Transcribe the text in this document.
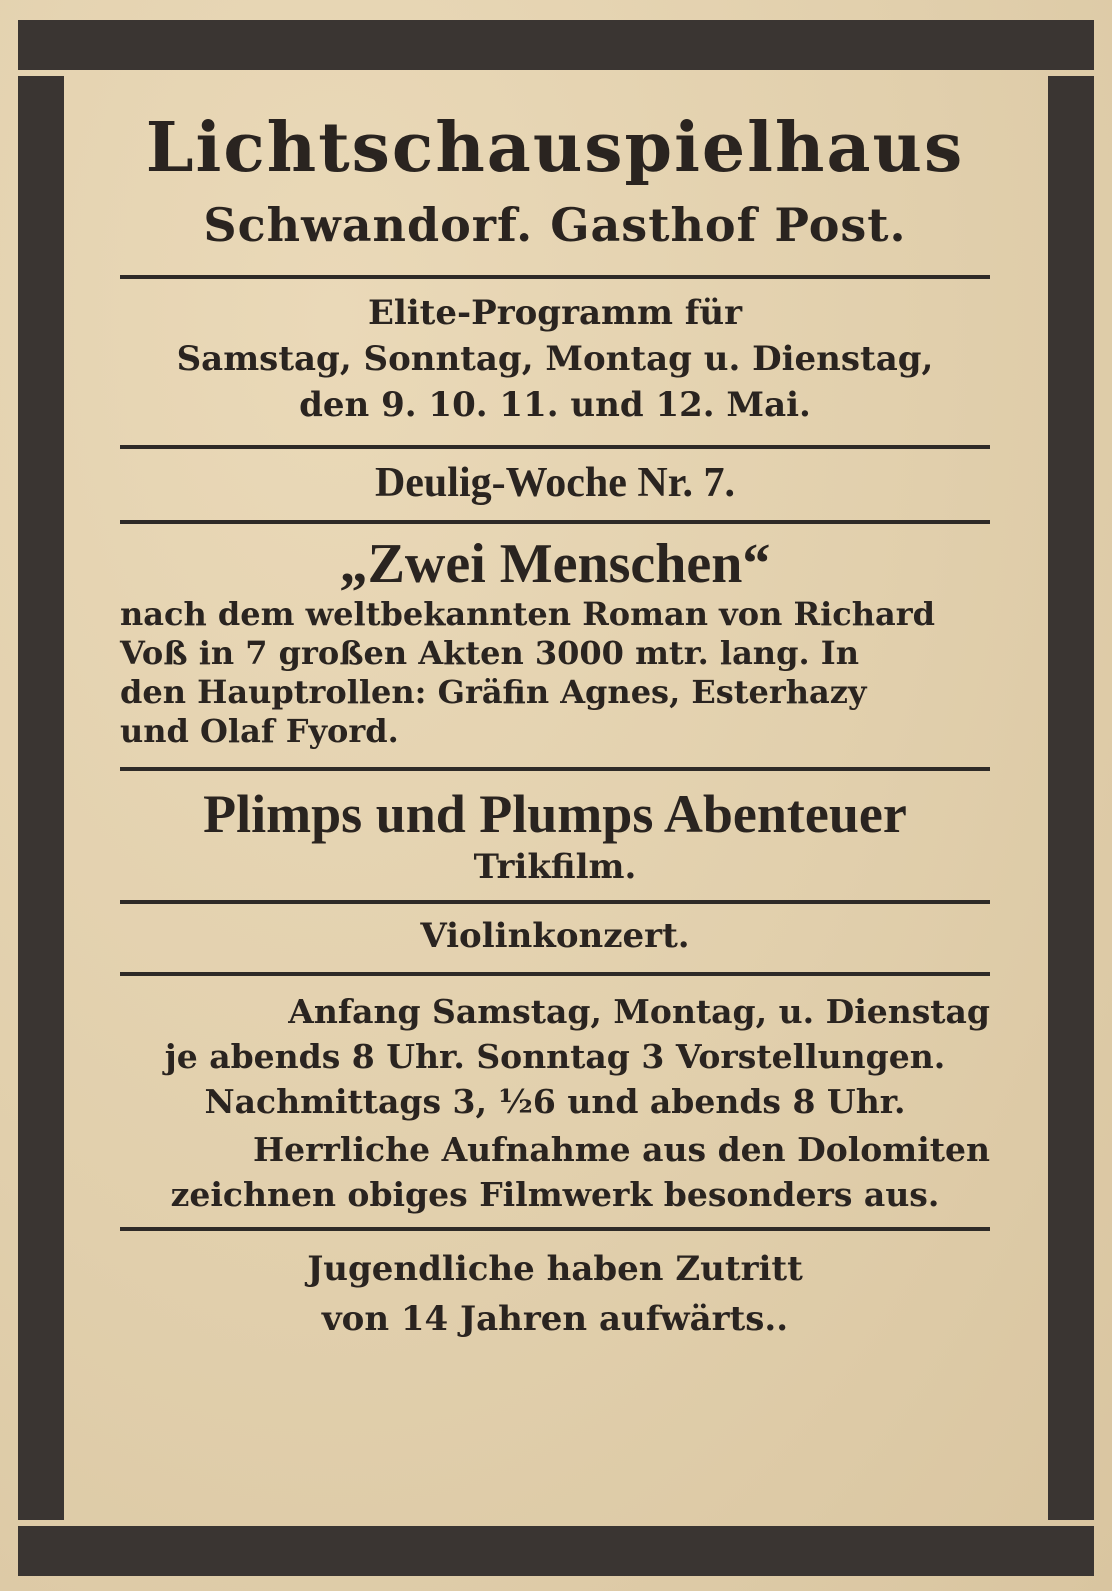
Lichtschauspielhaus

Schwandorf. Gasthof Post.

Elite-Programm für
Samstag, Sonntag, Montag u. Dienstag,
den 9. 10. 11. und 12. Mai.

Deulig-Woche Nr. 7.

„Zwei Menschen“

nach dem weltbekannten Roman von Richard
Voß in 7 großen Akten 3000 mtr. lang. In
den Hauptrollen: Gräfin Agnes, Esterhazy
und Olaf Fyord.

Plimps und Plumps Abenteuer

Trikfilm.

Violinkonzert.

Anfang Samstag, Montag, u. Dienstag
je abends 8 Uhr. Sonntag 3 Vorstellungen.
Nachmittags 3, ½6 und abends 8 Uhr.
Herrliche Aufnahme aus den Dolomiten
zeichnen obiges Filmwerk besonders aus.
Jugendliche haben Zutritt
von 14 Jahren aufwärts..
